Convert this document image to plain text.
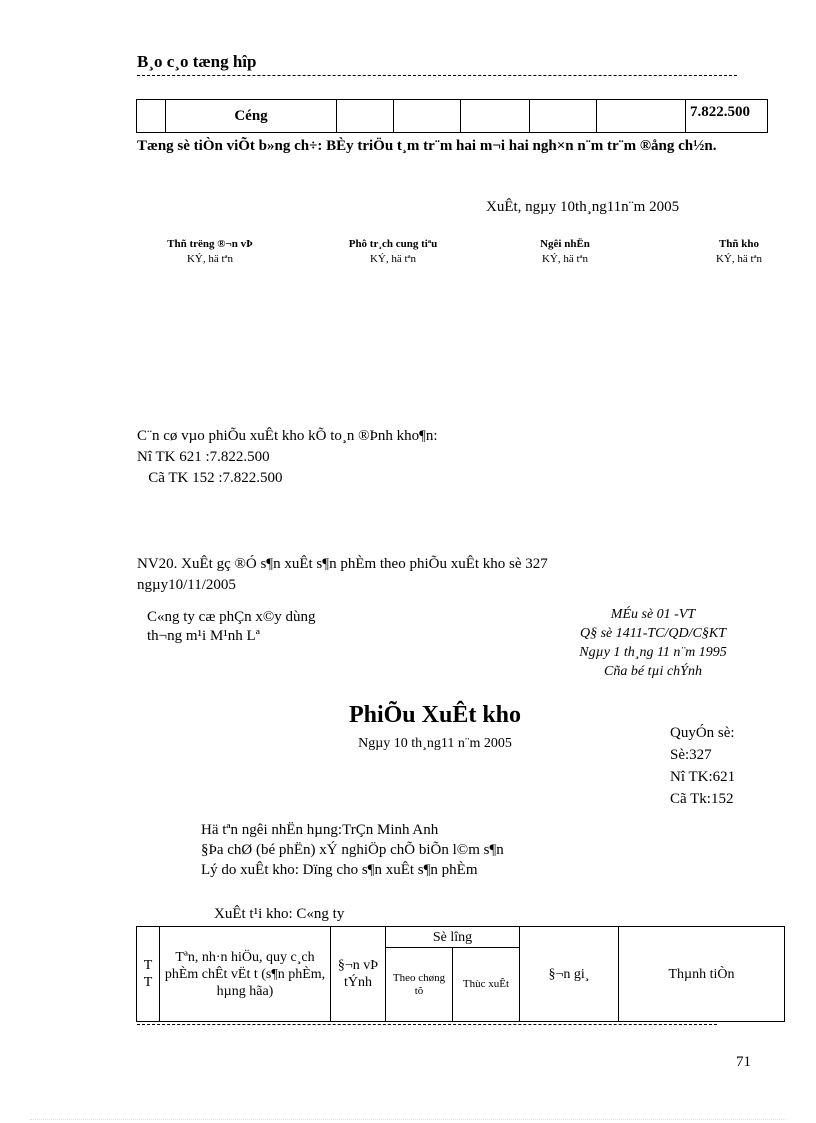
B¸o c¸o tæng hîp
	Céng						7.822.500
Tæng sè tiÒn viÕt b»ng ch÷: BÈy triÖu t¸m tr¨m hai m¬i hai ngh×n n¨m tr¨m ®ång ch½n.
XuÊt, ngµy 10th¸ng11n¨m 2005
Thñ trëng ®¬n vÞ
KÝ, hä tªn
Phô tr¸ch cung tiªu
KÝ, hä tªn
Ngêi nhËn
KÝ, hä tªn
Thñ kho
KÝ, hä tªn
C¨n cø vµo phiÕu xuÊt kho kÕ to¸n ®Þnh kho¶n:
Nî TK 621 :7.822.500
Cã TK 152 :7.822.500
NV20. XuÊt gç ®Ó s¶n xuÊt s¶n phÈm theo phiÕu xuÊt kho sè 327
ngµy10/11/2005
C«ng ty cæ phÇn x©y dùng
th¬ng m¹i M¹nh Lª
MÉu sè 01 -VT
Q§ sè 1411-TC/QD/C§KT
Ngµy 1 th¸ng 11 n¨m 1995
Cña bé tµi chÝnh
PhiÕu XuÊt kho
Ngµy 10 th¸ng11 n¨m 2005
QuyÓn sè:
Sè:327
Nî TK:621
Cã Tk:152
Hä tªn ngêi nhËn hµng:TrÇn Minh Anh
§Þa chØ (bé phËn) xÝ nghiÖp chÕ biÕn l©m s¶n
Lý do xuÊt kho: Dïng cho s¶n xuÊt s¶n phÈm
XuÊt t¹i kho: C«ng ty
T T	Tªn, nh·n hiÖu, quy c¸ch phÈm chÊt vËt t (s¶n phÈm, hµng hãa)	§¬n vÞ tÝnh	Sè lîng		§¬n gi¸	Thµnh tiÒn
			Theo chøng tõ	Thùc xuÊt		
71
